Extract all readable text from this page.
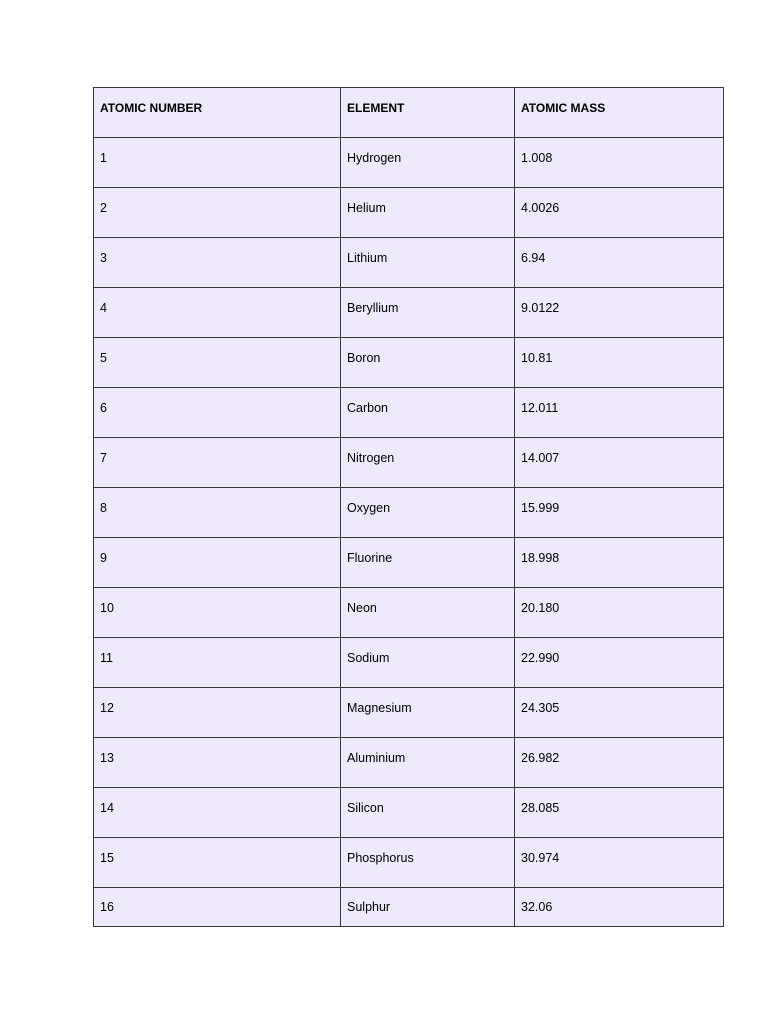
ATOMIC NUMBER	ELEMENT	ATOMIC MASS

1	Hydrogen	1.008

2	Helium	4.0026

3	Lithium	6.94

4	Beryllium	9.0122

5	Boron	10.81

6	Carbon	12.011

7	Nitrogen	14.007

8	Oxygen	15.999

9	Fluorine	18.998

10	Neon	20.180

11	Sodium	22.990

12	Magnesium	24.305

13	Aluminium	26.982

14	Silicon	28.085

15	Phosphorus	30.974

16	Sulphur	32.06
